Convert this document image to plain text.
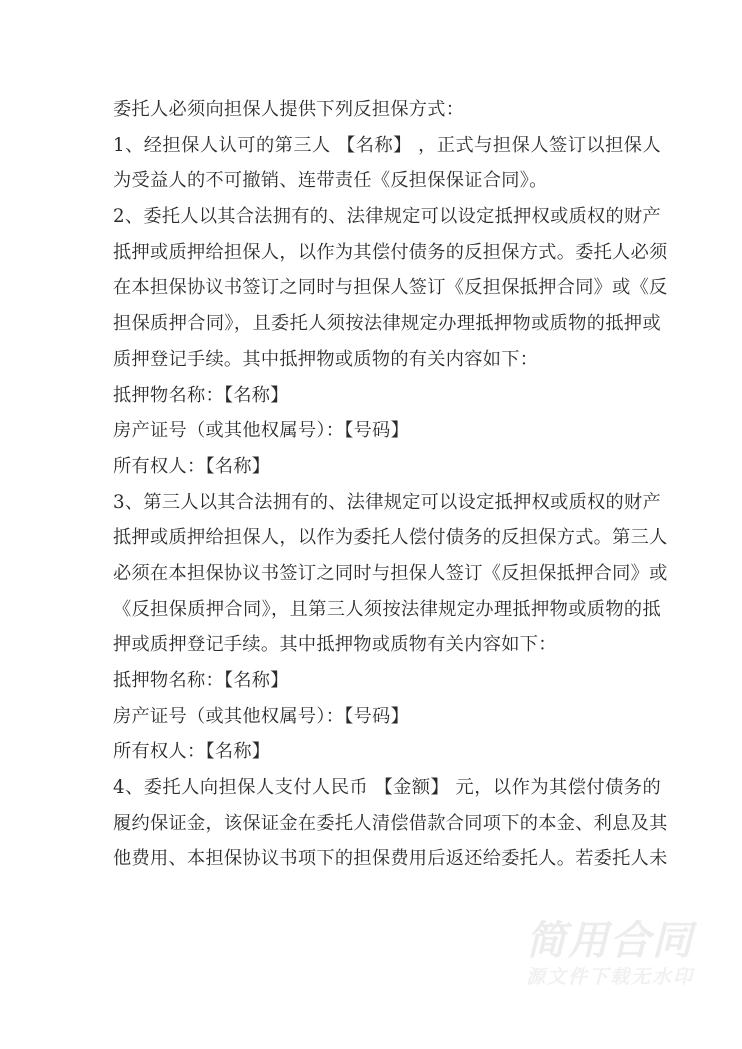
委托人必须向担保人提供下列反担保方式：
1、经担保人认可的第三人 【名称】 ，正式与担保人签订以担保人
为受益人的不可撤销、连带责任《反担保保证合同》。
2、委托人以其合法拥有的、法律规定可以设定抵押权或质权的财产
抵押或质押给担保人，以作为其偿付债务的反担保方式。委托人必须
在本担保协议书签订之同时与担保人签订《反担保抵押合同》或《反
担保质押合同》，且委托人须按法律规定办理抵押物或质物的抵押或
质押登记手续。其中抵押物或质物的有关内容如下：
抵押物名称：【名称】
房产证号（或其他权属号）：【号码】
所有权人：【名称】
3、第三人以其合法拥有的、法律规定可以设定抵押权或质权的财产
抵押或质押给担保人，以作为委托人偿付债务的反担保方式。第三人
必须在本担保协议书签订之同时与担保人签订《反担保抵押合同》或
《反担保质押合同》，且第三人须按法律规定办理抵押物或质物的抵
押或质押登记手续。其中抵押物或质物有关内容如下：
抵押物名称：【名称】
房产证号（或其他权属号）：【号码】
所有权人：【名称】
4、委托人向担保人支付人民币 【金额】 元，以作为其偿付债务的
履约保证金，该保证金在委托人清偿借款合同项下的本金、利息及其
他费用、本担保协议书项下的担保费用后返还给委托人。若委托人未
简用合同
源文件下载无水印
